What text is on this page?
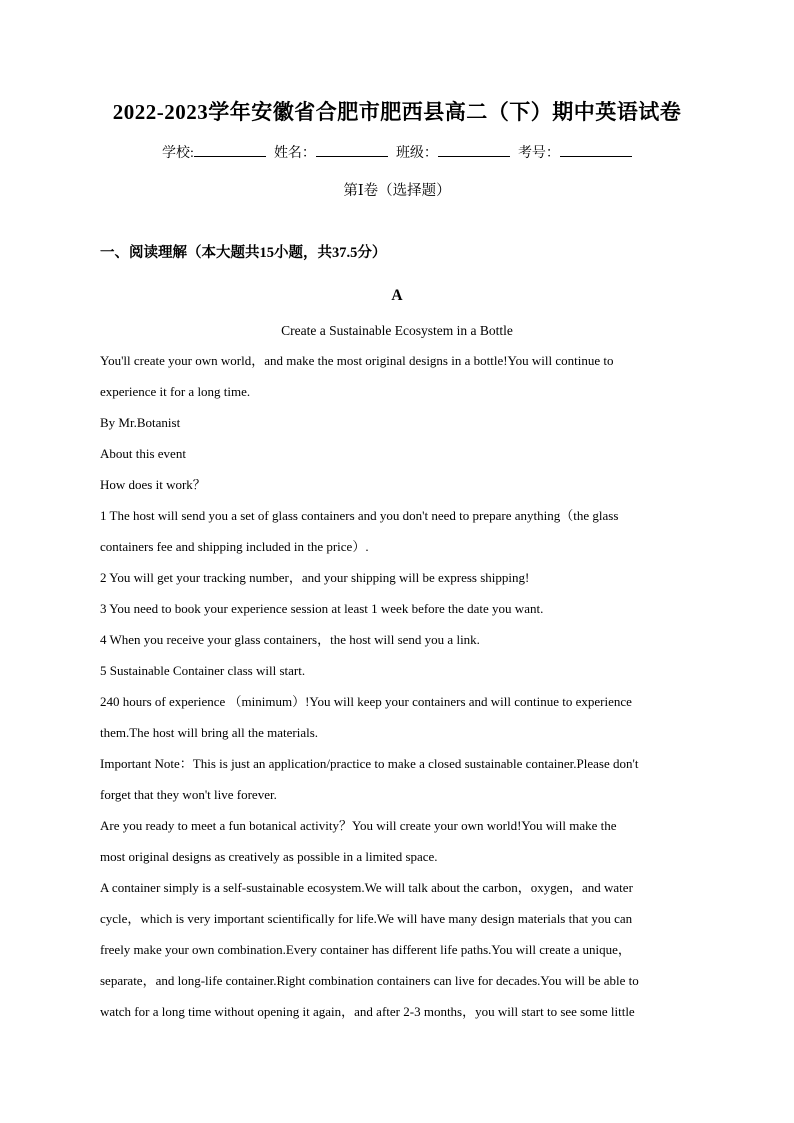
2022-2023学年安徽省合肥市肥西县高二（下）期中英语试卷
学校:	姓名：	班级：	考号：
第Ⅰ卷（选择题）
一、阅读理解（本大题共15小题，共37.5分）
A
Create a Sustainable Ecosystem in a Bottle
You'll create your own world，and make the most original designs in a bottle!You will continue to
experience it for a long time.
By Mr.Botanist
About this event
How does it work？
1 The host will send you a set of glass containers and you don't need to prepare anything（the glass
containers fee and shipping included in the price）.
2 You will get your tracking number，and your shipping will be express shipping!
3 You need to book your experience session at least 1 week before the date you want.
4 When you receive your glass containers，the host will send you a link.
5 Sustainable Container class will start.
240 hours of experience （minimum）!You will keep your containers and will continue to experience
them.The host will bring all the materials.
Important Note：This is just an application/practice to make a closed sustainable container.Please don't
forget that they won't live forever.
Are you ready to meet a fun botanical activity？You will create your own world!You will make the
most original designs as creatively as possible in a limited space.
A container simply is a self-sustainable ecosystem.We will talk about the carbon，oxygen，and water
cycle，which is very important scientifically for life.We will have many design materials that you can
freely make your own combination.Every container has different life paths.You will create a unique，
separate，and long-life container.Right combination containers can live for decades.You will be able to
watch for a long time without opening it again，and after 2-3 months，you will start to see some little
